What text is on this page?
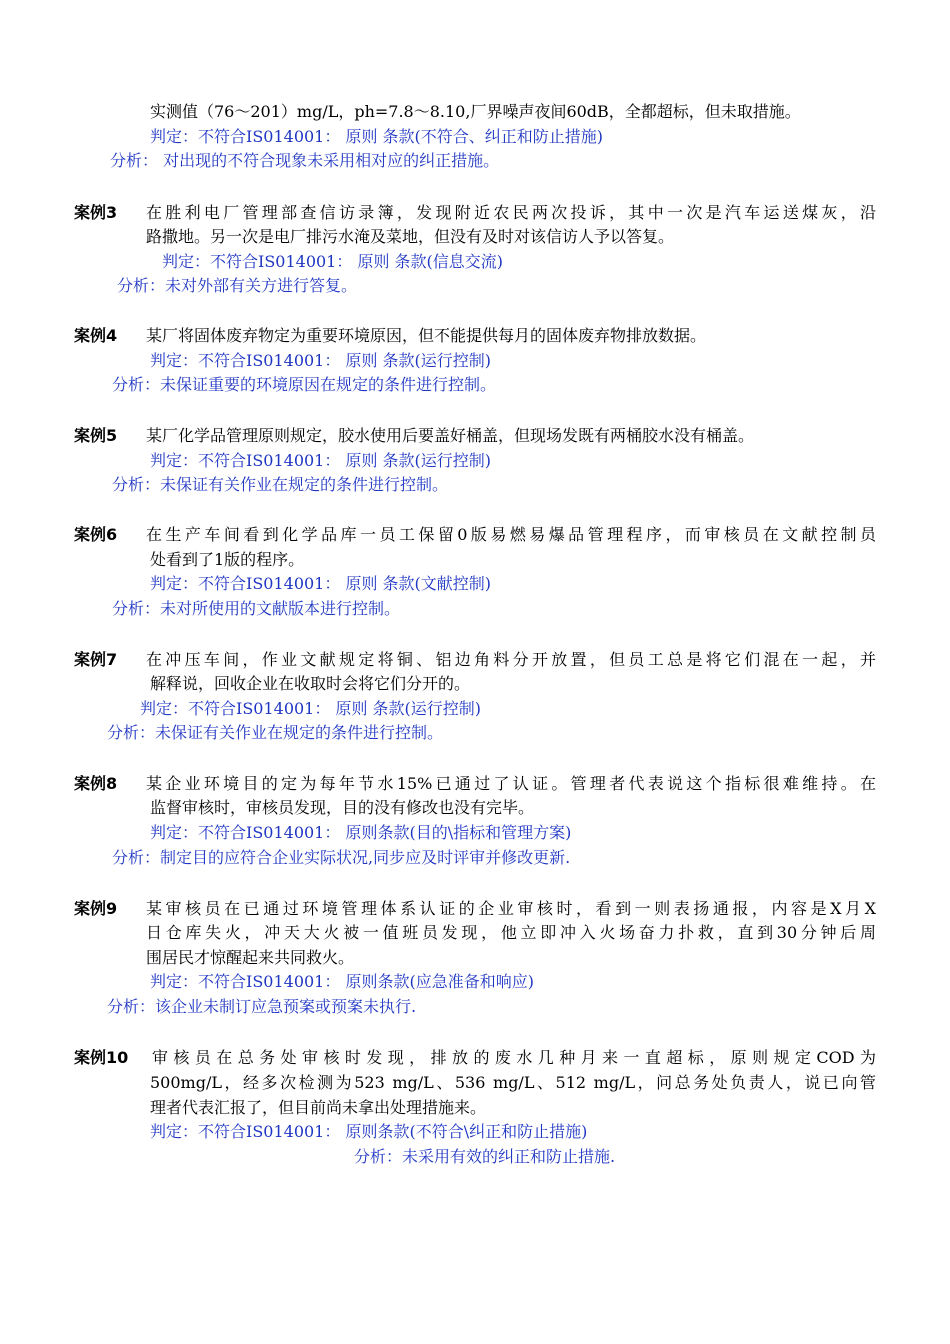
实测值（76～201）mg/L，ph=7.8～8.10,厂界噪声夜间60dB，全都超标，但未取措施。
判定：不符合IS014001： 原则 条款(不符合、纠正和防止措施)
分析： 对出现的不符合现象未采用相对应的纠正措施。
案例3 在胜利电厂管理部查信访录簿，发现附近农民两次投诉，其中一次是汽车运送煤灰，沿
路撒地。另一次是电厂排污水淹及菜地，但没有及时对该信访人予以答复。
判定：不符合IS014001： 原则 条款(信息交流)
分析：未对外部有关方进行答复。
案例4 某厂将固体废弃物定为重要环境原因，但不能提供每月的固体废弃物排放数据。
判定：不符合IS014001： 原则 条款(运行控制)
分析：未保证重要的环境原因在规定的条件进行控制。
案例5 某厂化学品管理原则规定，胶水使用后要盖好桶盖，但现场发既有两桶胶水没有桶盖。
判定：不符合IS014001： 原则 条款(运行控制)
分析：未保证有关作业在规定的条件进行控制。
案例6 在生产车间看到化学品库一员工保留0版易燃易爆品管理程序，而审核员在文献控制员
处看到了1版的程序。
判定：不符合IS014001： 原则 条款(文献控制)
分析：未对所使用的文献版本进行控制。
案例7 在冲压车间，作业文献规定将铜、铝边角料分开放置，但员工总是将它们混在一起，并
解释说，回收企业在收取时会将它们分开的。
判定：不符合IS014001： 原则 条款(运行控制)
分析：未保证有关作业在规定的条件进行控制。
案例8 某企业环境目的定为每年节水15%已通过了认证。管理者代表说这个指标很难维持。在
监督审核时，审核员发现，目的没有修改也没有完毕。
判定：不符合IS014001： 原则条款(目的\指标和管理方案)
分析：制定目的应符合企业实际状况,同步应及时评审并修改更新.
案例9 某审核员在已通过环境管理体系认证的企业审核时，看到一则表扬通报，内容是X月X
日仓库失火，冲天大火被一值班员发现，他立即冲入火场奋力扑救，直到30分钟后周
围居民才惊醒起来共同救火。
判定：不符合IS014001： 原则条款(应急准备和响应)
分析：该企业未制订应急预案或预案未执行.
案例10 审核员在总务处审核时发现，排放的废水几种月来一直超标，原则规定COD为
500mg/L，经多次检测为523 mg/L、536 mg/L、512 mg/L，问总务处负责人，说已向管
理者代表汇报了，但目前尚未拿出处理措施来。
判定：不符合IS014001： 原则条款(不符合\纠正和防止措施)
分析：未采用有效的纠正和防止措施.
